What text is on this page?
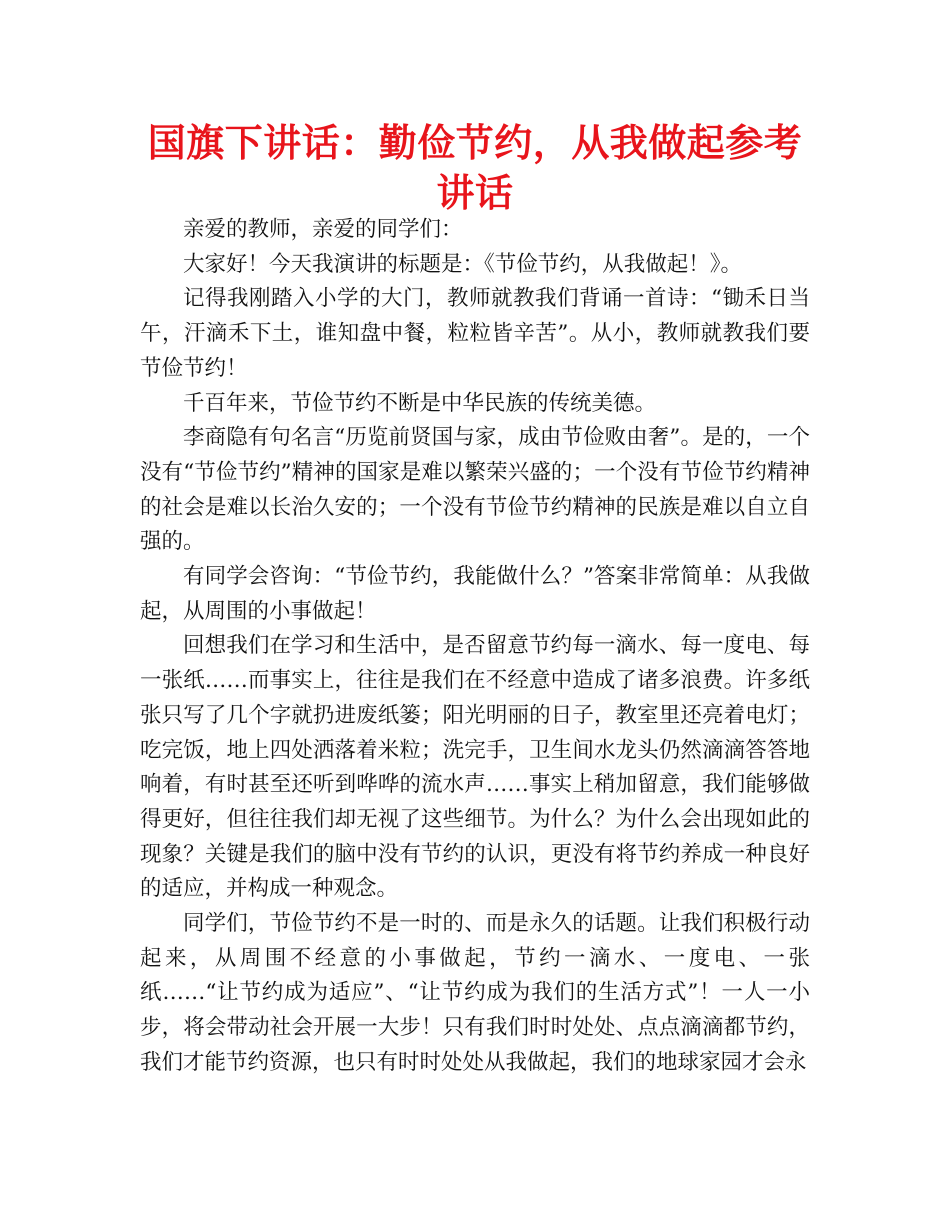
国旗下讲话：勤俭节约，从我做起参考讲话

亲爱的教师，亲爱的同学们：

大家好！今天我演讲的标题是：《节俭节约，从我做起！》。

记得我刚踏入小学的大门，教师就教我们背诵一首诗：“锄禾日当午，汗滴禾下土，谁知盘中餐，粒粒皆辛苦”。从小，教师就教我们要节俭节约！

千百年来，节俭节约不断是中华民族的传统美德。

李商隐有句名言“历览前贤国与家，成由节俭败由奢”。是的，一个没有“节俭节约”精神的国家是难以繁荣兴盛的；一个没有节俭节约精神的社会是难以长治久安的；一个没有节俭节约精神的民族是难以自立自强的。

有同学会咨询：“节俭节约，我能做什么？”答案非常简单：从我做起，从周围的小事做起！

回想我们在学习和生活中，是否留意节约每一滴水、每一度电、每一张纸……而事实上，往往是我们在不经意中造成了诸多浪费。许多纸张只写了几个字就扔进废纸篓；阳光明丽的日子，教室里还亮着电灯；吃完饭，地上四处洒落着米粒；洗完手，卫生间水龙头仍然滴滴答答地响着，有时甚至还听到哗哗的流水声……事实上稍加留意，我们能够做得更好，但往往我们却无视了这些细节。为什么？为什么会出现如此的现象？关键是我们的脑中没有节约的认识，更没有将节约养成一种良好的适应，并构成一种观念。

同学们，节俭节约不是一时的、而是永久的话题。让我们积极行动起来，从周围不经意的小事做起，节约一滴水、一度电、一张纸……“让节约成为适应”、“让节约成为我们的生活方式”！一人一小步，将会带动社会开展一大步！只有我们时时处处、点点滴滴都节约，我们才能节约资源，也只有时时处处从我做起，我们的地球家园才会永
